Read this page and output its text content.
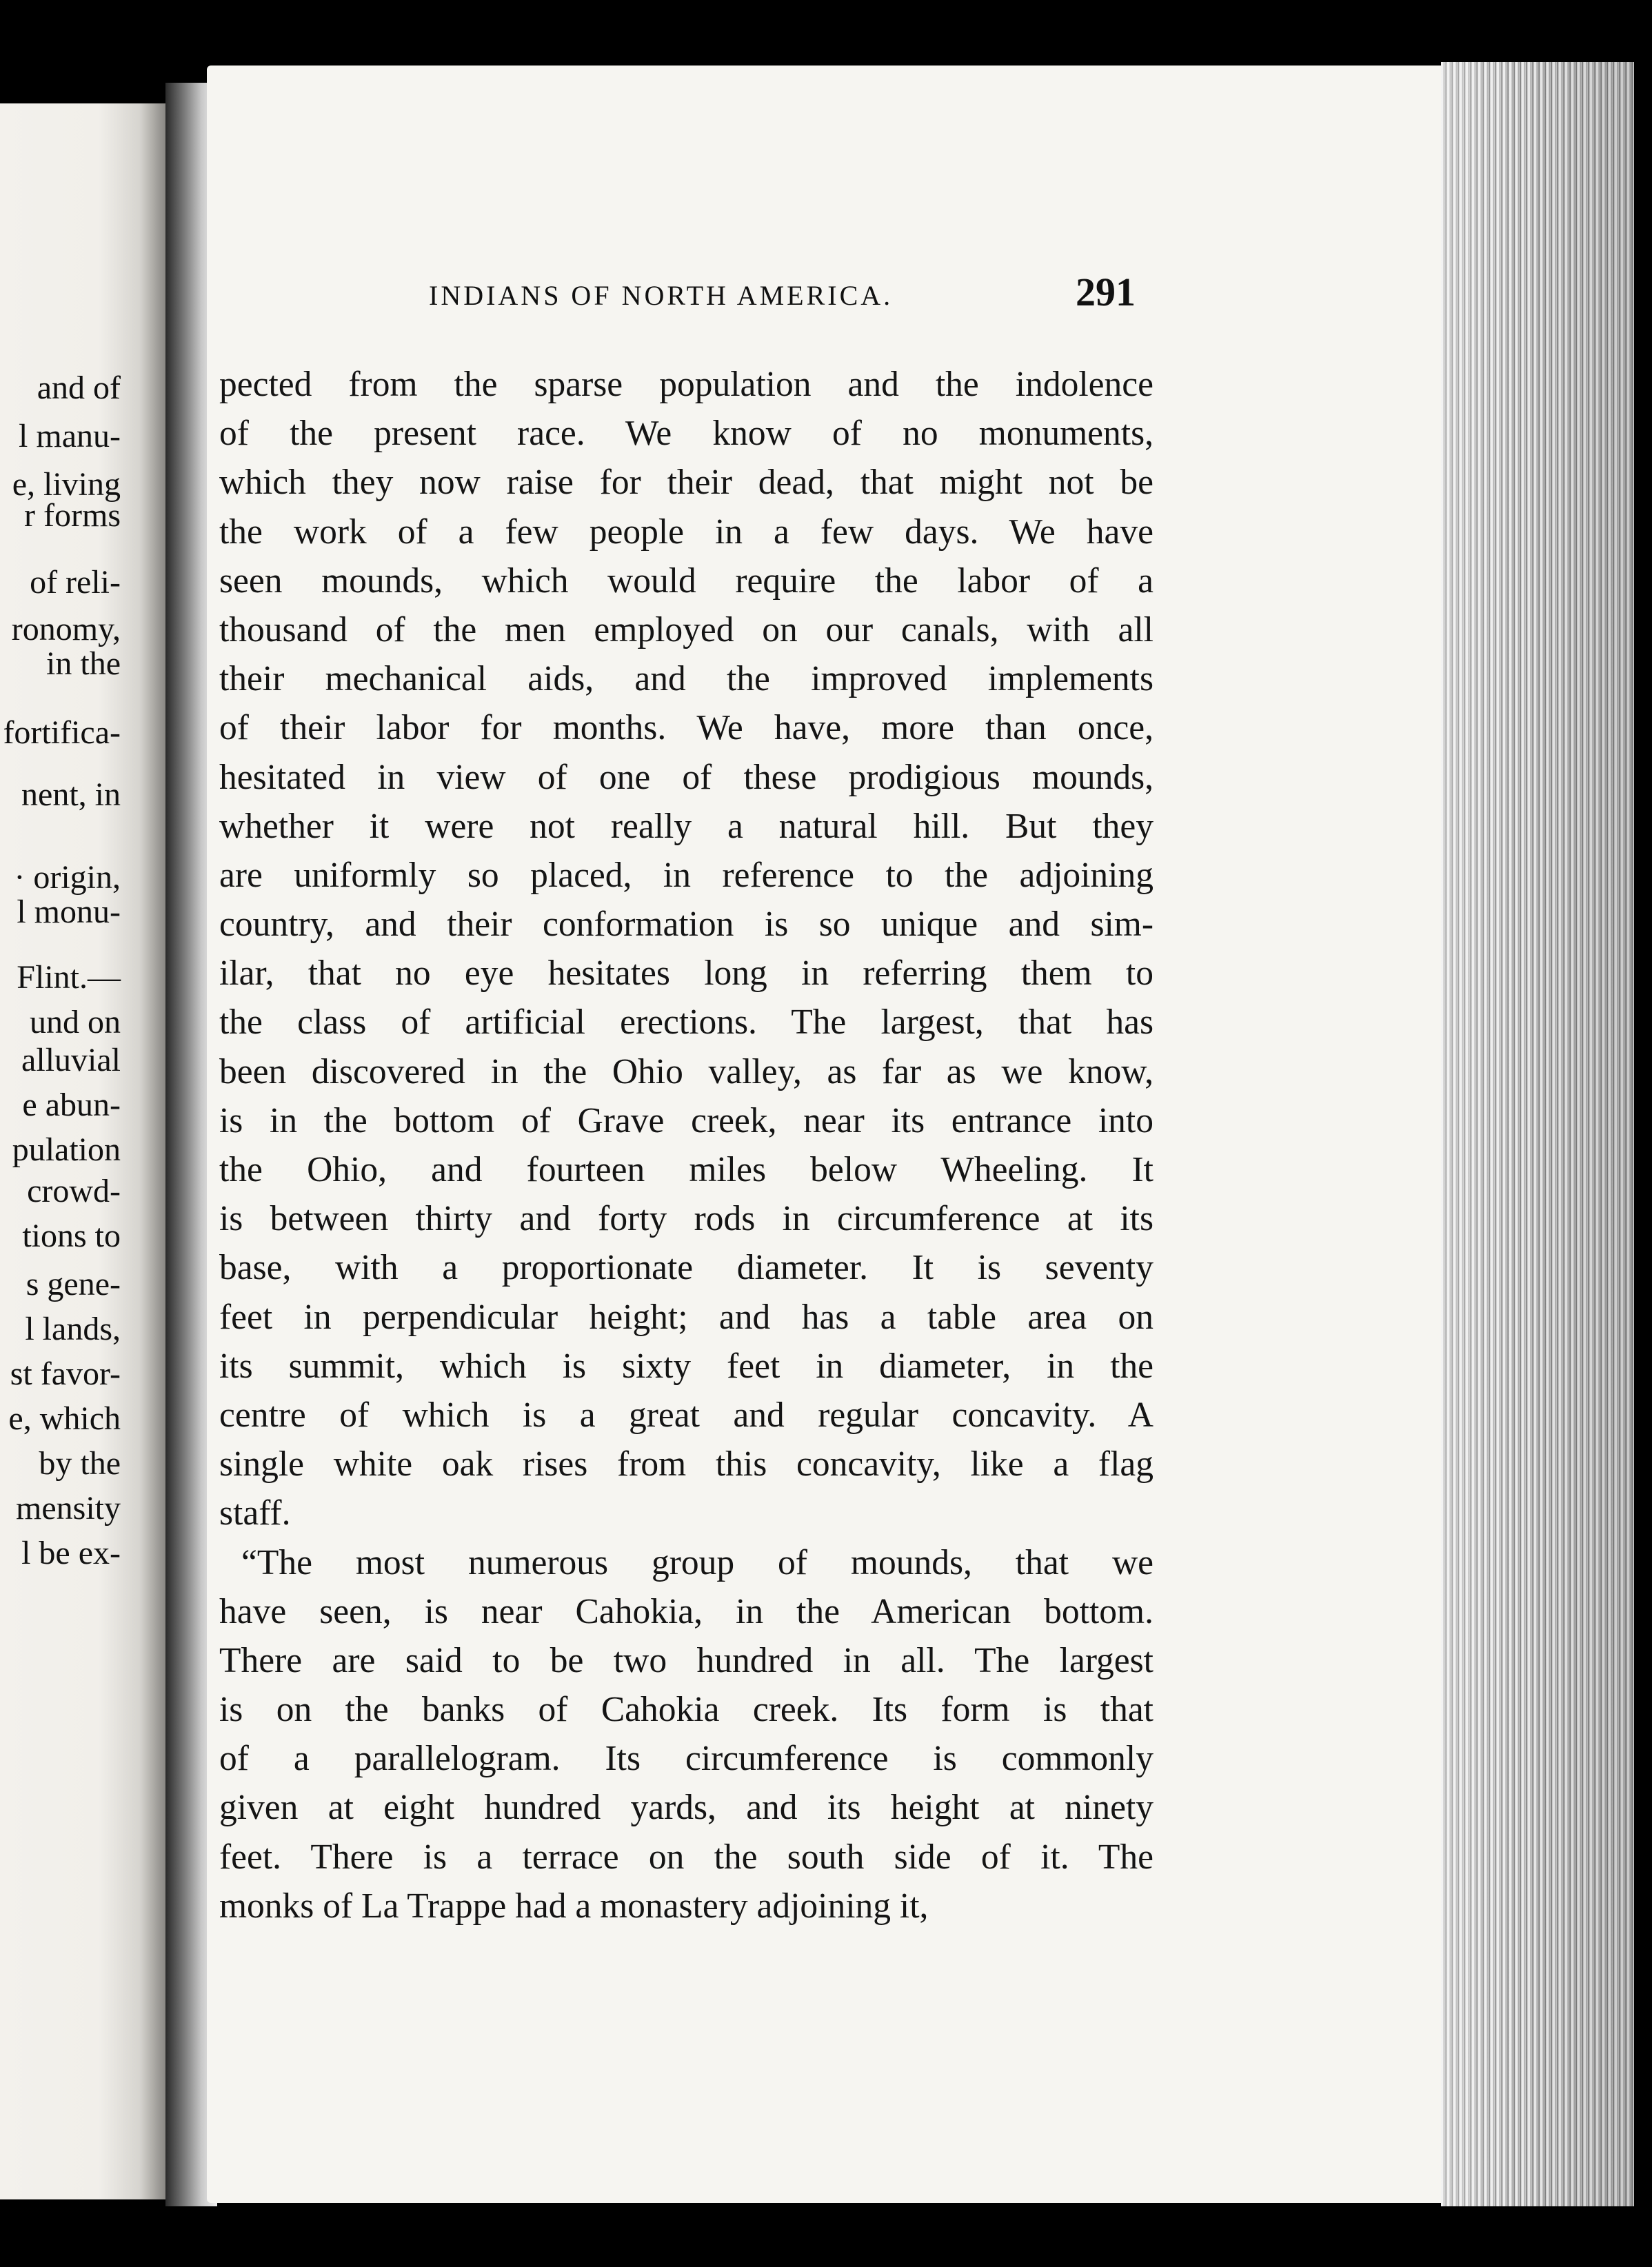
and of
l manu-
e, living
r forms
of reli-
ronomy,
in the
fortifica-
nent, in
· origin,
l monu-
Flint.—
und on
alluvial
e abun-
pulation
crowd-
tions to
s gene-
l lands,
st favor-
e, which
by the
mensity
l be ex-
INDIANS OF NORTH AMERICA.	291
pected from the sparse population and the indolence
of the present race. We know of no monuments,
which they now raise for their dead, that might not be
the work of a few people in a few days. We have
seen mounds, which would require the labor of a
thousand of the men employed on our canals, with all
their mechanical aids, and the improved implements
of their labor for months. We have, more than once,
hesitated in view of one of these prodigious mounds,
whether it were not really a natural hill. But they
are uniformly so placed, in reference to the adjoining
country, and their conformation is so unique and sim-
ilar, that no eye hesitates long in referring them to
the class of artificial erections. The largest, that has
been discovered in the Ohio valley, as far as we know,
is in the bottom of Grave creek, near its entrance into
the Ohio, and fourteen miles below Wheeling. It
is between thirty and forty rods in circumference at its
base, with a proportionate diameter. It is seventy
feet in perpendicular height; and has a table area on
its summit, which is sixty feet in diameter, in the
centre of which is a great and regular concavity. A
single white oak rises from this concavity, like a flag
staff.
“The most numerous group of mounds, that we
have seen, is near Cahokia, in the American bottom.
There are said to be two hundred in all. The largest
is on the banks of Cahokia creek. Its form is that
of a parallelogram. Its circumference is commonly
given at eight hundred yards, and its height at ninety
feet. There is a terrace on the south side of it. The
monks of La Trappe had a monastery adjoining it,
